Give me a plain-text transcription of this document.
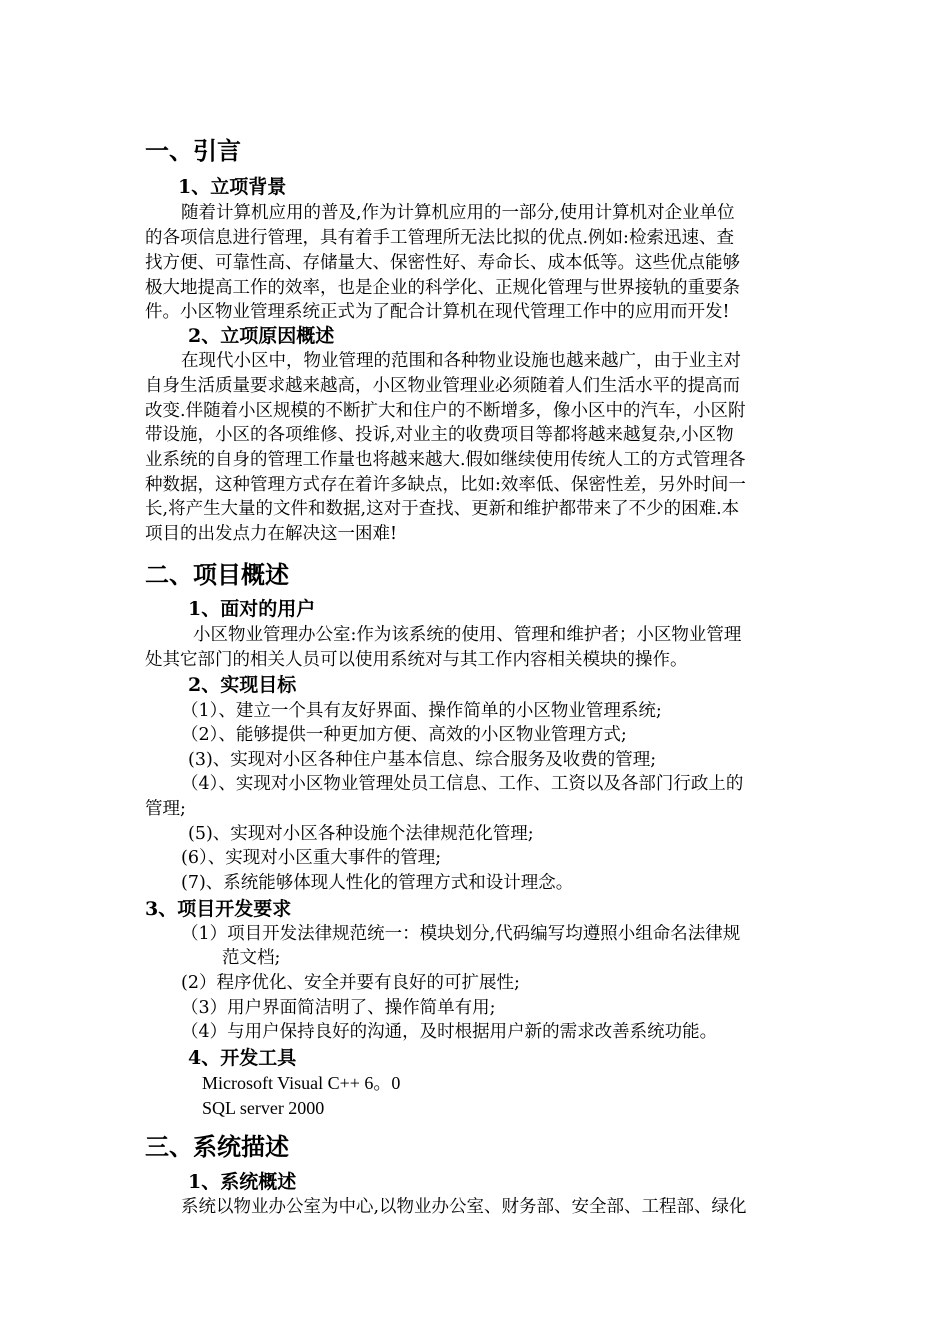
一、引言
1、立项背景
随着计算机应用的普及,作为计算机应用的一部分,使用计算机对企业单位
的各项信息进行管理，具有着手工管理所无法比拟的优点.例如:检索迅速、查
找方便、可靠性高、存储量大、保密性好、寿命长、成本低等。这些优点能够
极大地提高工作的效率，也是企业的科学化、正规化管理与世界接轨的重要条
件。小区物业管理系统正式为了配合计算机在现代管理工作中的应用而开发!
2、立项原因概述
在现代小区中，物业管理的范围和各种物业设施也越来越广，由于业主对
自身生活质量要求越来越高，小区物业管理业必须随着人们生活水平的提高而
改变.伴随着小区规模的不断扩大和住户的不断增多，像小区中的汽车，小区附
带设施，小区的各项维修、投诉,对业主的收费项目等都将越来越复杂,小区物
业系统的自身的管理工作量也将越来越大.假如继续使用传统人工的方式管理各
种数据，这种管理方式存在着许多缺点，比如:效率低、保密性差，另外时间一
长,将产生大量的文件和数据,这对于查找、更新和维护都带来了不少的困难.本
项目的出发点力在解决这一困难!
二、项目概述
1、面对的用户
小区物业管理办公室:作为该系统的使用、管理和维护者；小区物业管理
处其它部门的相关人员可以使用系统对与其工作内容相关模块的操作。
2、实现目标
（1）、建立一个具有友好界面、操作简单的小区物业管理系统;
（2）、能够提供一种更加方便、高效的小区物业管理方式;
(3)、实现对小区各种住户基本信息、综合服务及收费的管理;
（4）、实现对小区物业管理处员工信息、工作、工资以及各部门行政上的
管理;
(5)、实现对小区各种设施个法律规范化管理;
(6）、实现对小区重大事件的管理;
(7)、系统能够体现人性化的管理方式和设计理念。
3、项目开发要求
（1）项目开发法律规范统一：模块划分,代码编写均遵照小组命名法律规
范文档;
(2）程序优化、安全并要有良好的可扩展性;
（3）用户界面简洁明了、操作简单有用;
（4）与用户保持良好的沟通，及时根据用户新的需求改善系统功能。
4、开发工具
Microsoft Visual C++ 6。0
SQL server 2000
三、系统描述
1、系统概述
系统以物业办公室为中心,以物业办公室、财务部、安全部、工程部、绿化
